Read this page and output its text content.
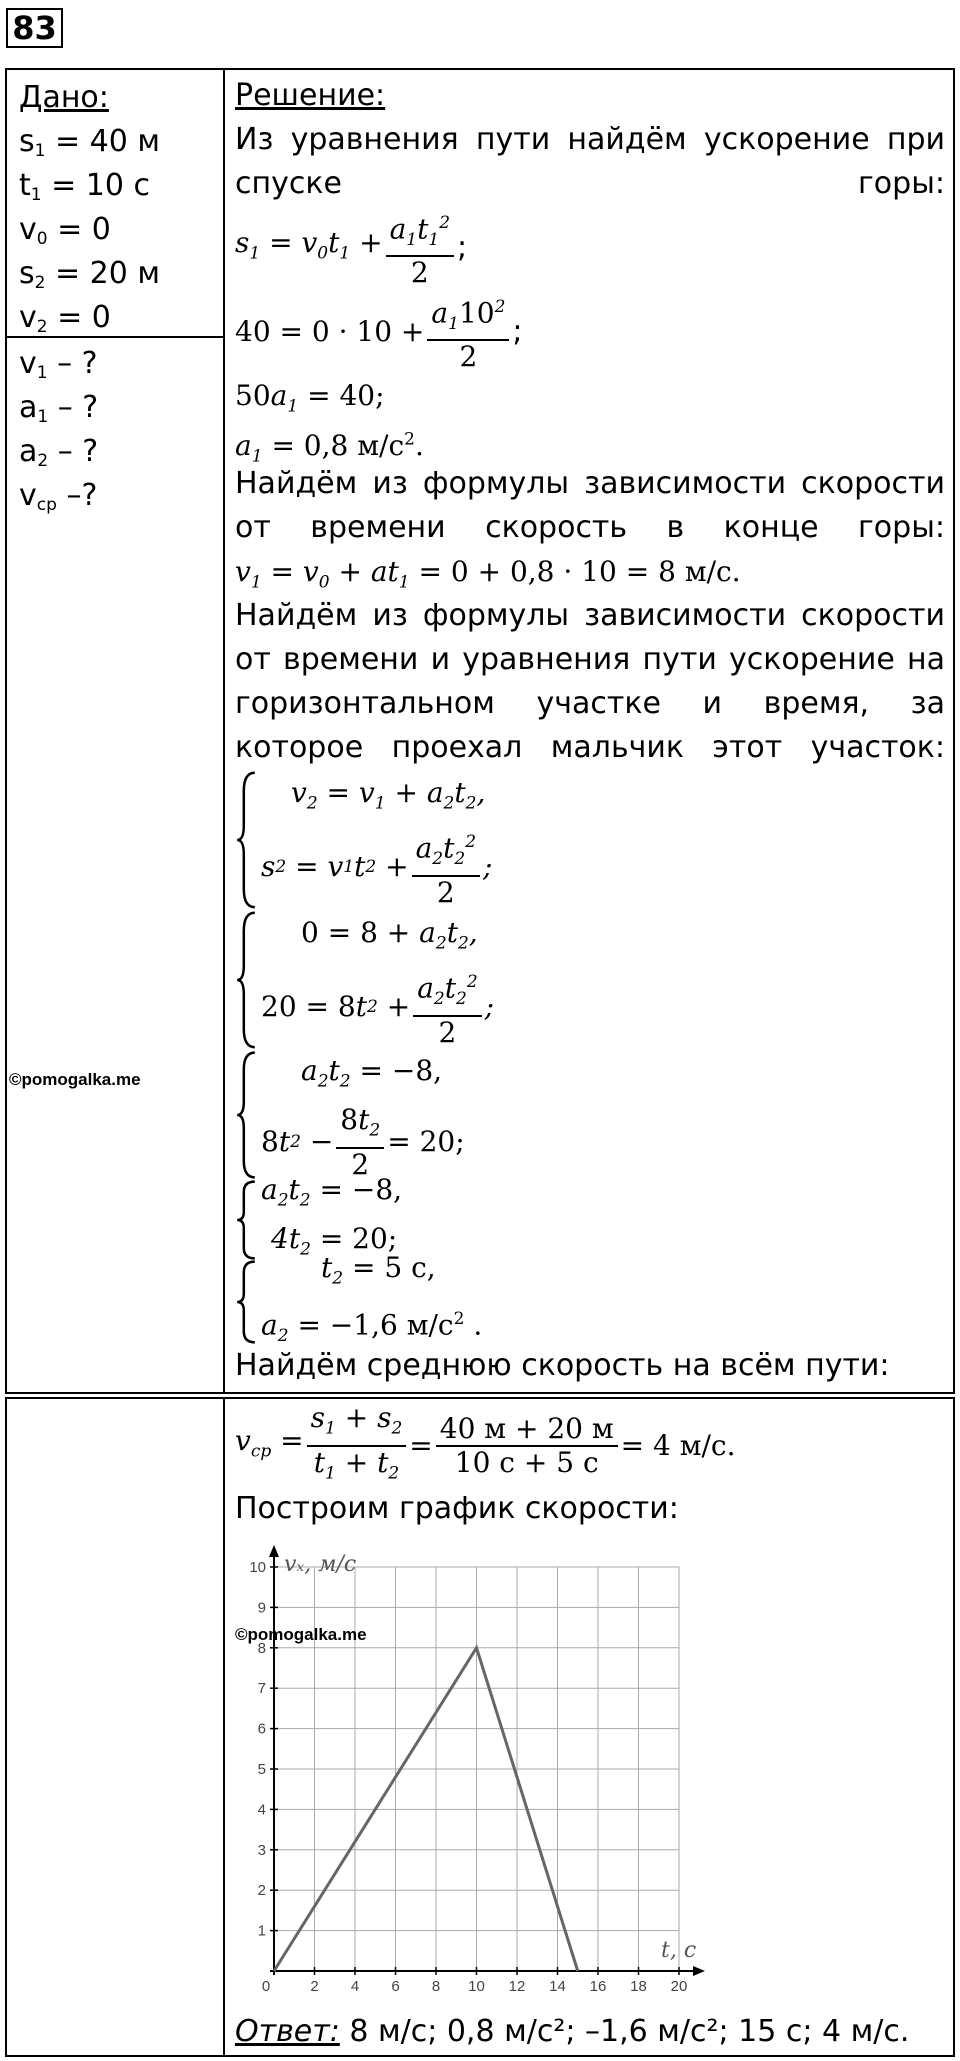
83
Дано:
$s_1 = 40$ м
$t_1 = 10$ с
$v_0 = 0$
$s_2 = 20$ м
$v_2 = 0$
$v_1$ – ?
$a_1$ – ?
$a_2$ – ?
$v_{ср}$ –?
©pomogalka.me
Решение:
Из уравнения пути найдём ускорение при спуске горы:
$s_1 = v_0t_1 + \frac{a_1t_1^2}{2}$ ;
$40 = 0 \cdot 10 + \frac{a_110^2}{2}$ ;
$50a_1 = 40$;
$a_1 = 0,8$ $м/с^2$.
Найдём из формулы зависимости скорости от времени скорость в конце горы:
$v_1 = v_0 + at_1 = 0 + 0,8 \cdot 10 = 8$ м/с.
Найдём из формулы зависимости скорости от времени и уравнения пути ускорение на горизонтальном участке и время, за которое проехал мальчик этот участок:
$v_2 = v_1 + a_2t_2$,
s 2 = v 1 t $2 + \frac{a_2t_2^2}{2}$ ;
$0 = 8 + a_2t_2$,
20 = 8 t $2 + \frac{a_2t_2^2}{2}$ ;
$a_2t_2 = -8$,
8 t $2 - \frac{8t_2}{2} = 20$;
$a_2t_2 = -8$,
$4t_2 = 20$;
$t_2 = 5$ с,
$a_2 = -1,6$ $м/с^2$ .
Найдём среднюю скорость на всём пути:
$v_{ср} = \frac{s_1 + s_2}{t_1 + t_2} = \frac{40 м + 20 м}{10 с + 5 с} = 4$ м/с.
Построим график скорости:
0	2 4 6 8 10 12 14 16 18 20
1
2
3
4
5
6
7
8
9
10 vₓ, м/с
t, с
©pomogalka.me
Ответ: 8 м/с; 0,8 м/с²; –1,6 м/с²; 15 с; 4 м/с.
